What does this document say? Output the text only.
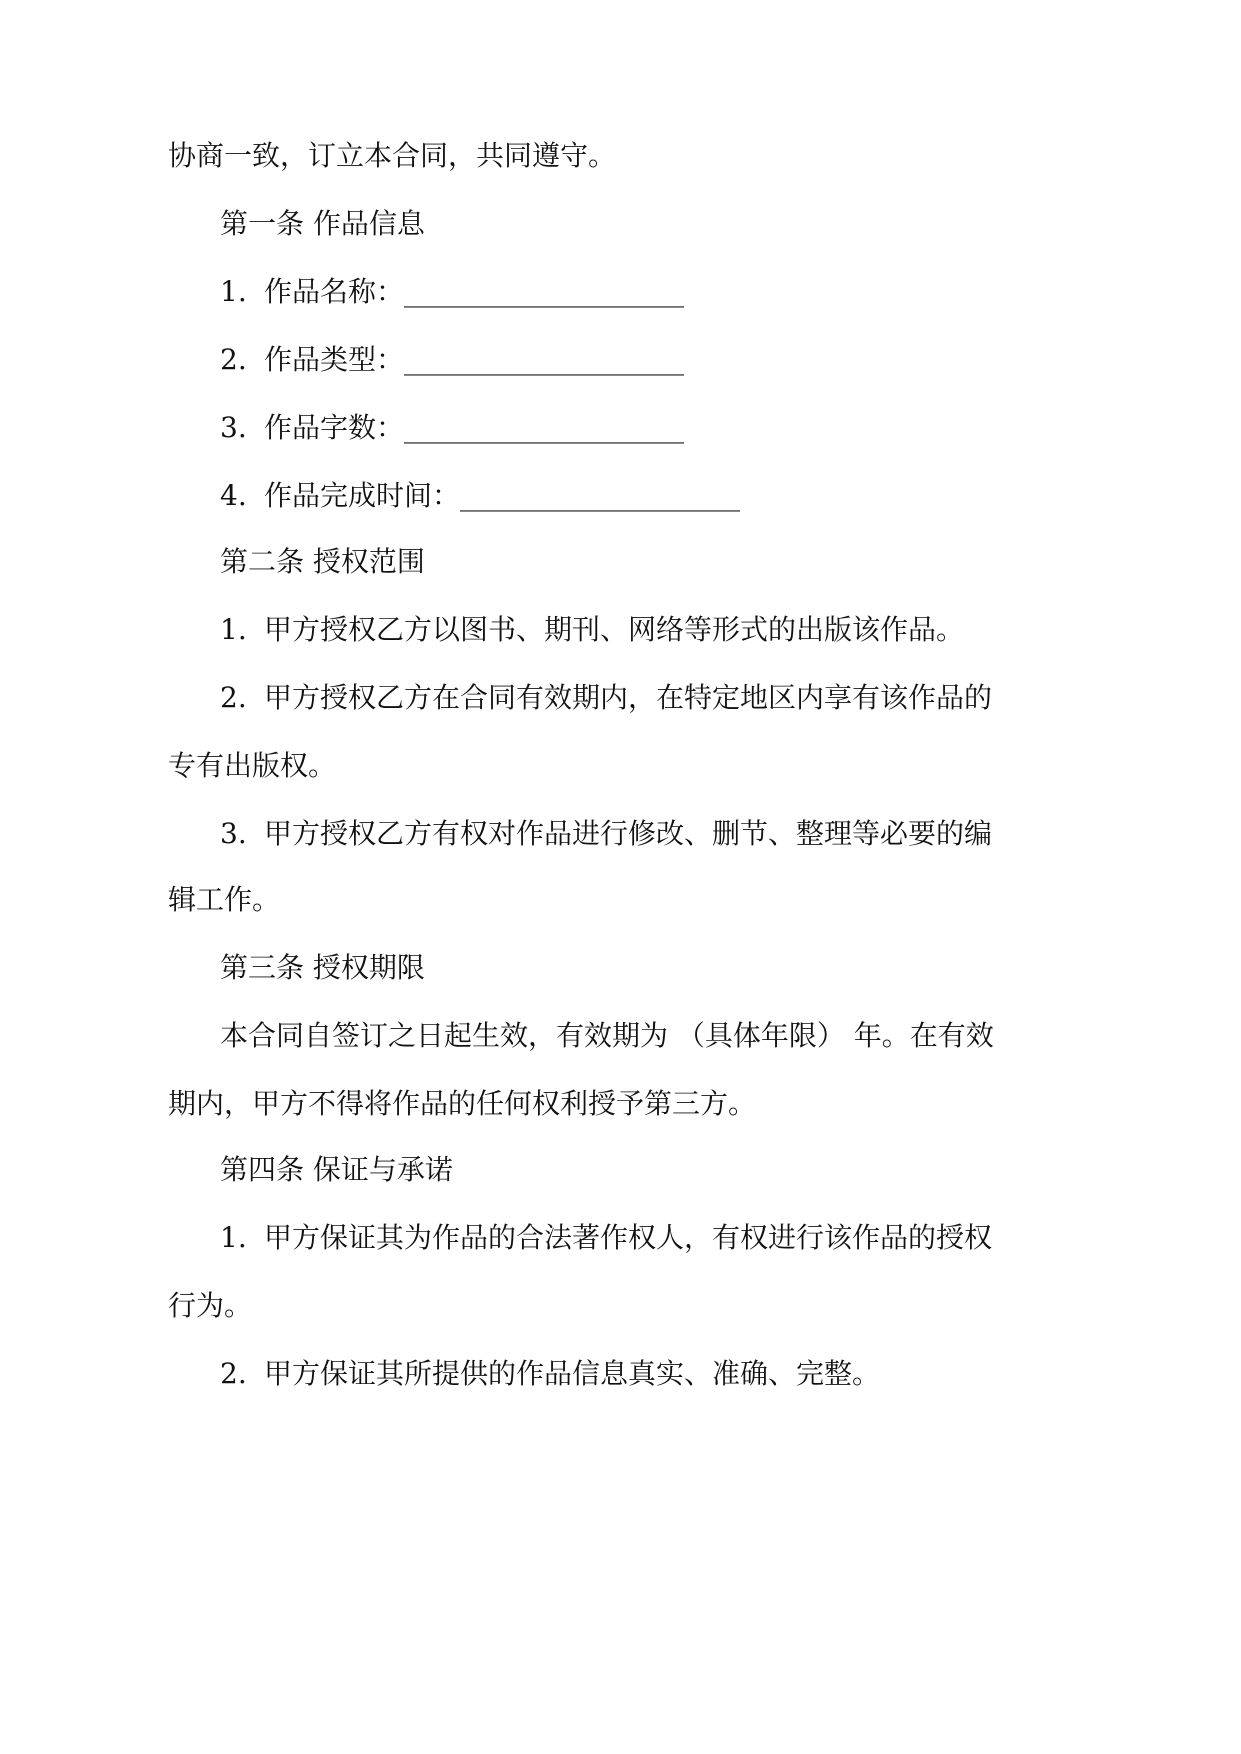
协商一致，订立本合同，共同遵守。
第一条 作品信息
1. 作品名称：____________________
2. 作品类型：____________________
3. 作品字数：____________________
4. 作品完成时间：____________________
第二条 授权范围
1. 甲方授权乙方以图书、期刊、网络等形式的出版该作品。
2. 甲方授权乙方在合同有效期内，在特定地区内享有该作品的
专有出版权。
3. 甲方授权乙方有权对作品进行修改、删节、整理等必要的编
辑工作。
第三条 授权期限
本合同自签订之日起生效，有效期为 （具体年限） 年。在有效
期内，甲方不得将作品的任何权利授予第三方。
第四条 保证与承诺
1. 甲方保证其为作品的合法著作权人，有权进行该作品的授权
行为。
2. 甲方保证其所提供的作品信息真实、准确、完整。
